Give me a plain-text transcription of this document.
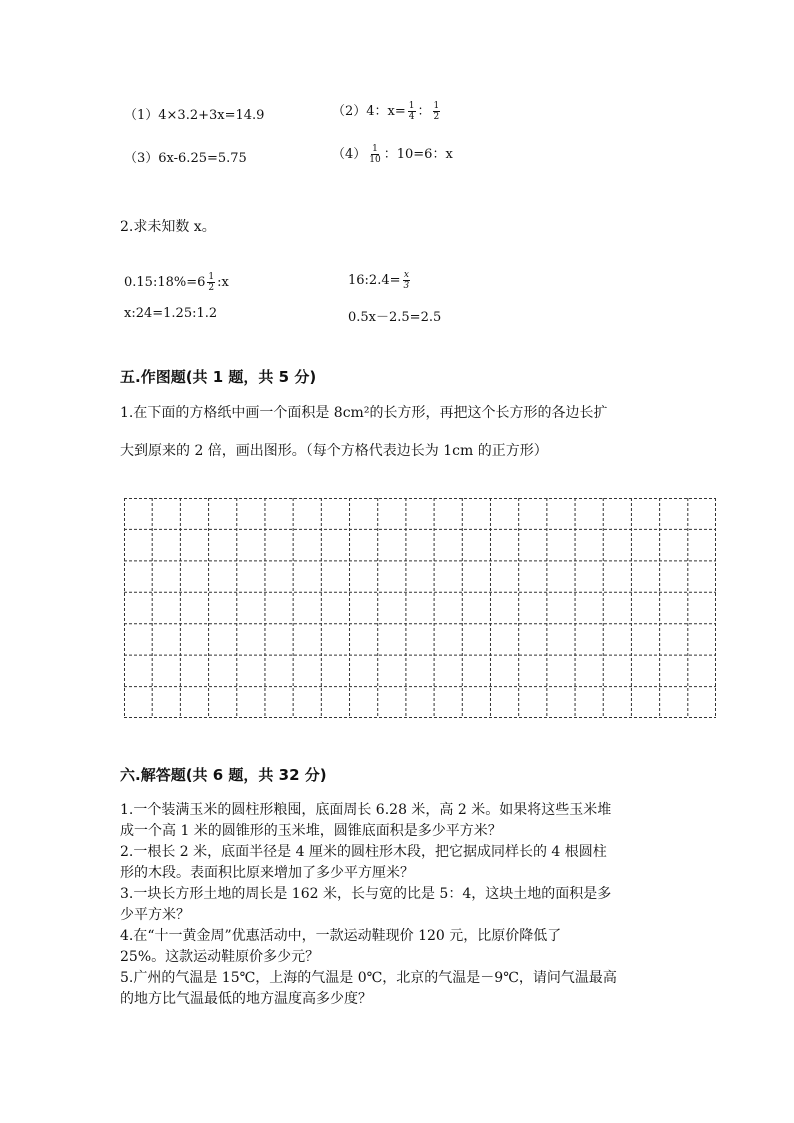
（1）4×3.2+3x=14.9	（2）4：$x= \frac{1}{4}$ ： $\frac{1}{2}$
（3）6x-6.25=5.75	$(4) \frac{1}{10}$ ：10=6：x
2.求未知数 x。
0.15:18%=6 $\frac{1}{2}$ :x	16:2.4= $\frac{x}{3}$
x:24=1.25:1.2	0.5x－2.5=2.5
五.作图题(共 1 题，共 5 分)
1.在下面的方格纸中画一个面积是 8cm²的长方形，再把这个长方形的各边长扩
大到原来的 2 倍，画出图形。（每个方格代表边长为 1cm 的正方形）
六.解答题(共 6 题，共 32 分)
1.一个装满玉米的圆柱形粮囤，底面周长 6.28 米，高 2 米。如果将这些玉米堆
成一个高 1 米的圆锥形的玉米堆，圆锥底面积是多少平方米？
2.一根长 2 米，底面半径是 4 厘米的圆柱形木段，把它据成同样长的 4 根圆柱
形的木段。表面积比原来增加了多少平方厘米？
3.一块长方形土地的周长是 162 米，长与宽的比是 5：4，这块土地的面积是多
少平方米？
4.在“十一黄金周”优惠活动中，一款运动鞋现价 120 元，比原价降低了
25%。这款运动鞋原价多少元？
5.广州的气温是 15℃，上海的气温是 0℃，北京的气温是－9℃，请问气温最高
的地方比气温最低的地方温度高多少度？
